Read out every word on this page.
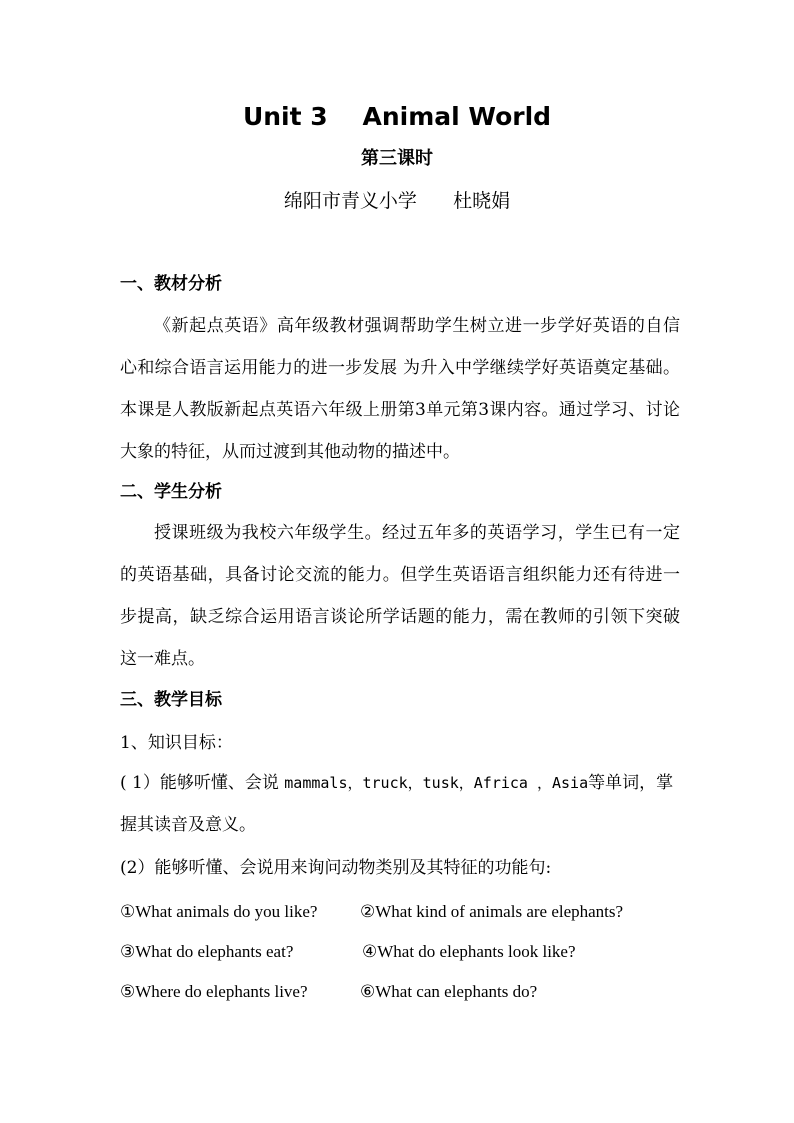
Unit 3    Animal World
第三课时
绵阳市青义小学      杜晓娟
一、教材分析
《新起点英语》高年级教材强调帮助学生树立进一步学好英语的自信心和综合语言运用能力的进一步发展 为升入中学继续学好英语奠定基础。本课是人教版新起点英语六年级上册第3单元第3课内容。通过学习、讨论大象的特征，从而过渡到其他动物的描述中。
二、学生分析
授课班级为我校六年级学生。经过五年多的英语学习，学生已有一定的英语基础，具备讨论交流的能力。但学生英语语言组织能力还有待进一步提高，缺乏综合运用语言谈论所学话题的能力，需在教师的引领下突破这一难点。
三、教学目标
1、知识目标：
( 1）能够听懂、会说 mammals，truck，tusk，Africa ，Asia等单词，掌握其读音及意义。
(2）能够听懂、会说用来询问动物类别及其特征的功能句:
①What animals do you like?	②What kind of animals are elephants?
③What do elephants eat?	④What do elephants look like?
⑤Where do elephants live?	⑥What can elephants do?
